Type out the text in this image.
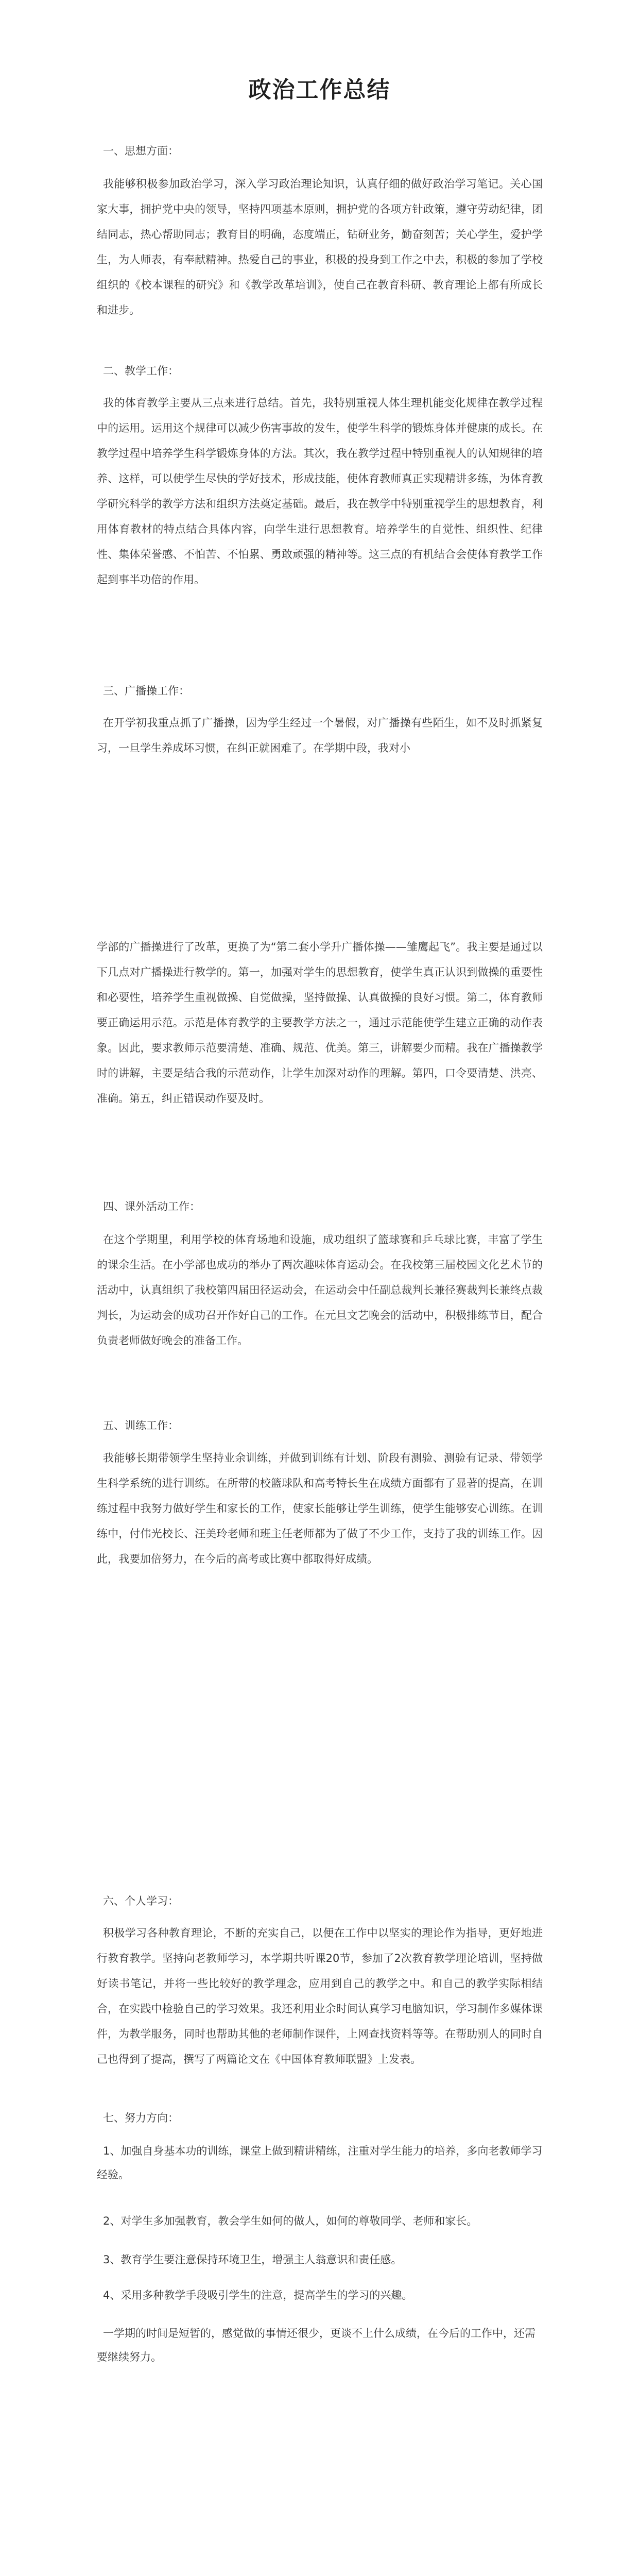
政治工作总结

一、思想方面：

我能够积极参加政治学习，深入学习政治理论知识，认真仔细的做好政治学习笔记。关心国家大事，拥护党中央的领导，坚持四项基本原则，拥护党的各项方针政策，遵守劳动纪律，团结同志，热心帮助同志；教育目的明确，态度端正，钻研业务，勤奋刻苦；关心学生，爱护学生，为人师表，有奉献精神。热爱自己的事业，积极的投身到工作之中去，积极的参加了学校组织的《校本课程的研究》和《教学改革培训》，使自己在教育科研、教育理论上都有所成长和进步。

二、教学工作：

我的体育教学主要从三点来进行总结。首先，我特别重视人体生理机能变化规律在教学过程中的运用。运用这个规律可以减少伤害事故的发生，使学生科学的锻炼身体并健康的成长。在教学过程中培养学生科学锻炼身体的方法。其次，我在教学过程中特别重视人的认知规律的培养、这样，可以使学生尽快的学好技术，形成技能，使体育教师真正实现精讲多练，为体育教学研究科学的教学方法和组织方法奠定基础。最后，我在教学中特别重视学生的思想教育，利用体育教材的特点结合具体内容，向学生进行思想教育。培养学生的自觉性、组织性、纪律性、集体荣誉感、不怕苦、不怕累、勇敢顽强的精神等。这三点的有机结合会使体育教学工作起到事半功倍的作用。

三、广播操工作：

在开学初我重点抓了广播操，因为学生经过一个暑假，对广播操有些陌生，如不及时抓紧复习，一旦学生养成坏习惯，在纠正就困难了。在学期中段，我对小

学部的广播操进行了改革，更换了为“第二套小学升广播体操——雏鹰起飞”。我主要是通过以下几点对广播操进行教学的。第一，加强对学生的思想教育，使学生真正认识到做操的重要性和必要性，培养学生重视做操、自觉做操，坚持做操、认真做操的良好习惯。第二，体育教师要正确运用示范。示范是体育教学的主要教学方法之一，通过示范能使学生建立正确的动作表象。因此，要求教师示范要清楚、准确、规范、优美。第三，讲解要少而精。我在广播操教学时的讲解，主要是结合我的示范动作，让学生加深对动作的理解。第四，口令要清楚、洪亮、准确。第五，纠正错误动作要及时。

四、课外活动工作：

在这个学期里，利用学校的体育场地和设施，成功组织了篮球赛和乒乓球比赛，丰富了学生的课余生活。在小学部也成功的举办了两次趣味体育运动会。在我校第三届校园文化艺术节的活动中，认真组织了我校第四届田径运动会，在运动会中任副总裁判长兼径赛裁判长兼终点裁判长，为运动会的成功召开作好自己的工作。在元旦文艺晚会的活动中，积极排练节目，配合负责老师做好晚会的准备工作。

五、训练工作：

我能够长期带领学生坚持业余训练，并做到训练有计划、阶段有测验、测验有记录、带领学生科学系统的进行训练。在所带的校篮球队和高考特长生在成绩方面都有了显著的提高，在训练过程中我努力做好学生和家长的工作，使家长能够让学生训练，使学生能够安心训练。在训练中，付伟光校长、汪美玲老师和班主任老师都为了做了不少工作，支持了我的训练工作。因此，我要加倍努力，在今后的高考或比赛中都取得好成绩。

六、个人学习：

积极学习各种教育理论，不断的充实自己，以便在工作中以坚实的理论作为指导，更好地进行教育教学。坚持向老教师学习，本学期共听课20节，参加了2次教育教学理论培训，坚持做好读书笔记，并将一些比较好的教学理念，应用到自己的教学之中。和自己的教学实际相结合，在实践中检验自己的学习效果。我还利用业余时间认真学习电脑知识，学习制作多媒体课件，为教学服务，同时也帮助其他的老师制作课件，上网查找资料等等。在帮助别人的同时自己也得到了提高，撰写了两篇论文在《中国体育教师联盟》上发表。

七、努力方向：

1、加强自身基本功的训练，课堂上做到精讲精练，注重对学生能力的培养，多向老教师学习经验。

2、对学生多加强教育，教会学生如何的做人，如何的尊敬同学、老师和家长。

3、教育学生要注意保持环境卫生，增强主人翁意识和责任感。

4、采用多种教学手段吸引学生的注意，提高学生的学习的兴趣。

一学期的时间是短暂的，感觉做的事情还很少，更谈不上什么成绩，在今后的工作中，还需要继续努力。
